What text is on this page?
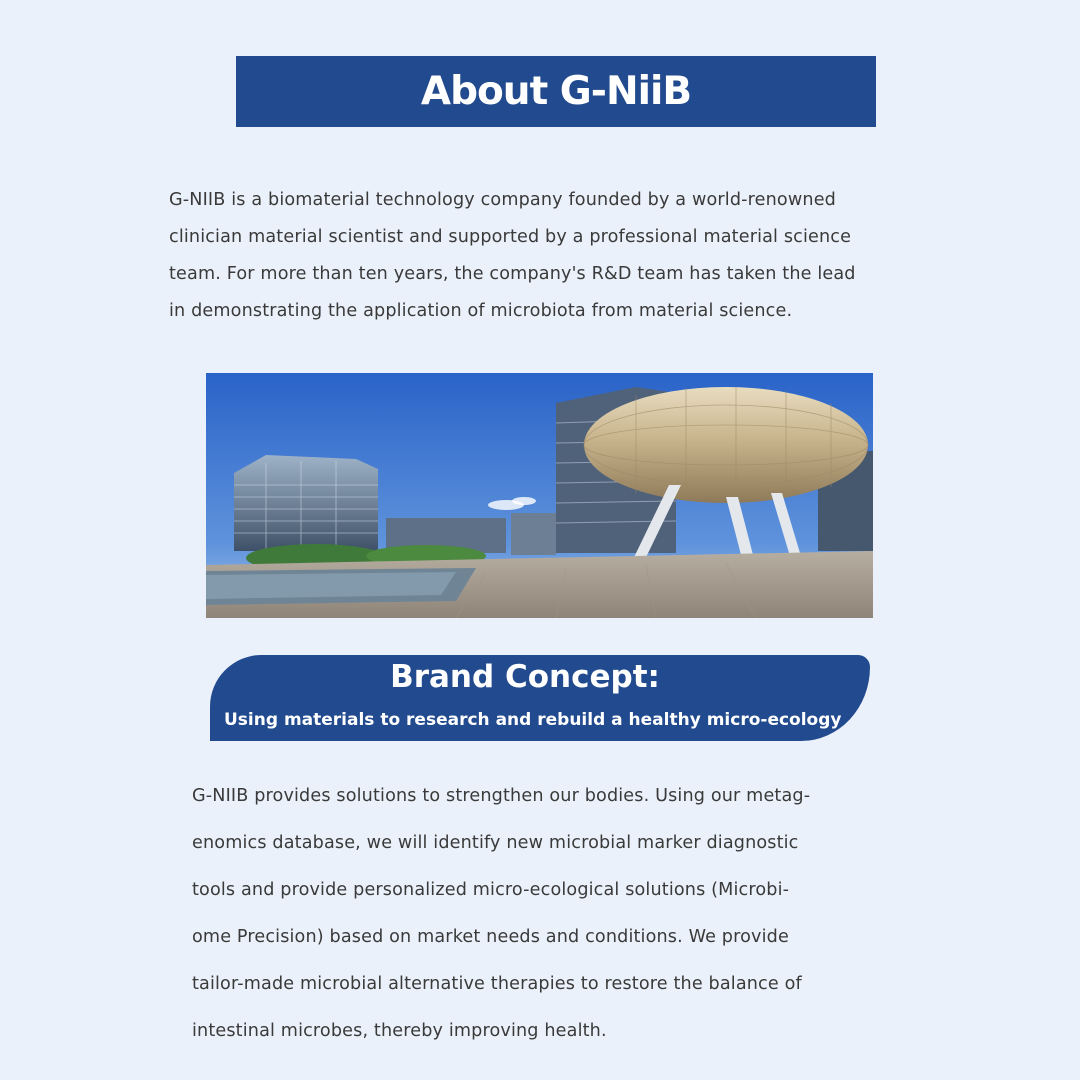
About G-NiiB

G-NIIB is a biomaterial technology company founded by a world-renowned
clinician material scientist and supported by a professional material science
team. For more than ten years, the company's R&D team has taken the lead
in demonstrating the application of microbiota from material science.

Brand Concept:
Using materials to research and rebuild a healthy micro-ecology

G-NIIB provides solutions to strengthen our bodies. Using our metag-
enomics database, we will identify new microbial marker diagnostic
tools and provide personalized micro-ecological solutions (Microbi-
ome Precision) based on market needs and conditions. We provide
tailor-made microbial alternative therapies to restore the balance of
intestinal microbes, thereby improving health.
